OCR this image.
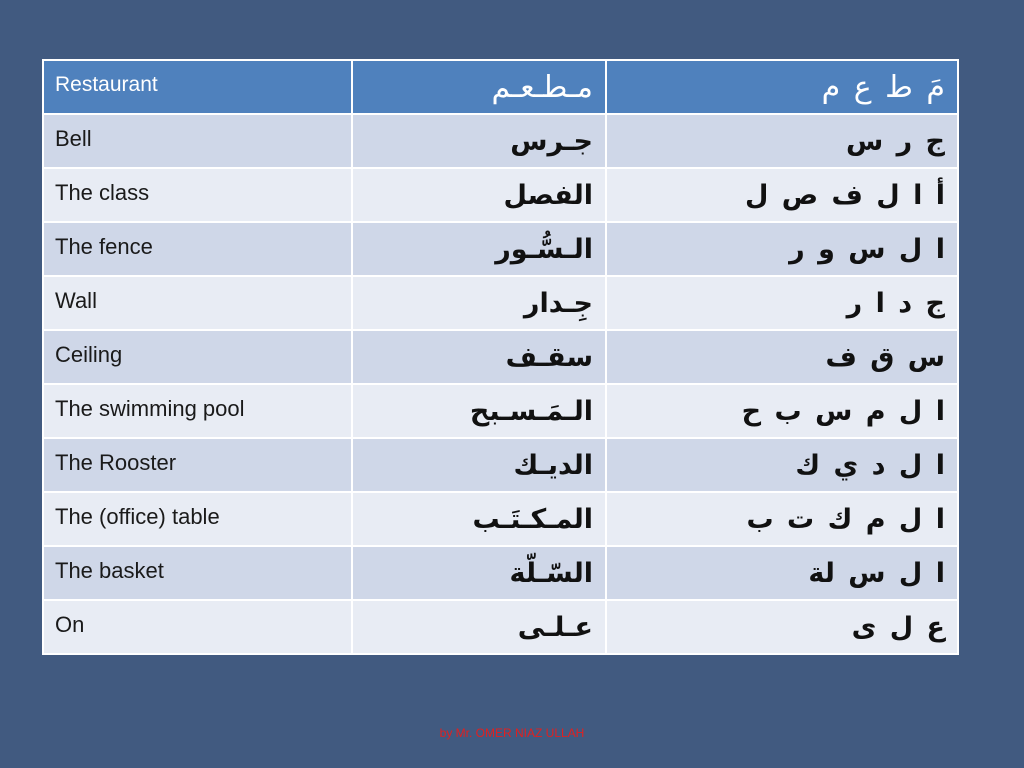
Restaurant	مـطـعـم	مَ ط ع م
Bell	جـرس	ج ر س
The class	الفصل	أ ا ل ف ص ل
The fence	الـسُّـور	ا ل س و ر
Wall	جِـدار	ج د ا ر
Ceiling	سقـف	س ق ف
The swimming pool	الـمَـسـبح	ا ل م س ب ح
The Rooster	الديـك	ا ل د ي ك
The (office) table	المـكـتَـب	ا ل م ك ت ب
The basket	السّـلّة	ا ل س لة
On	عـلـى	ع ل ى
by Mr. OMER NIAZ ULLAH
